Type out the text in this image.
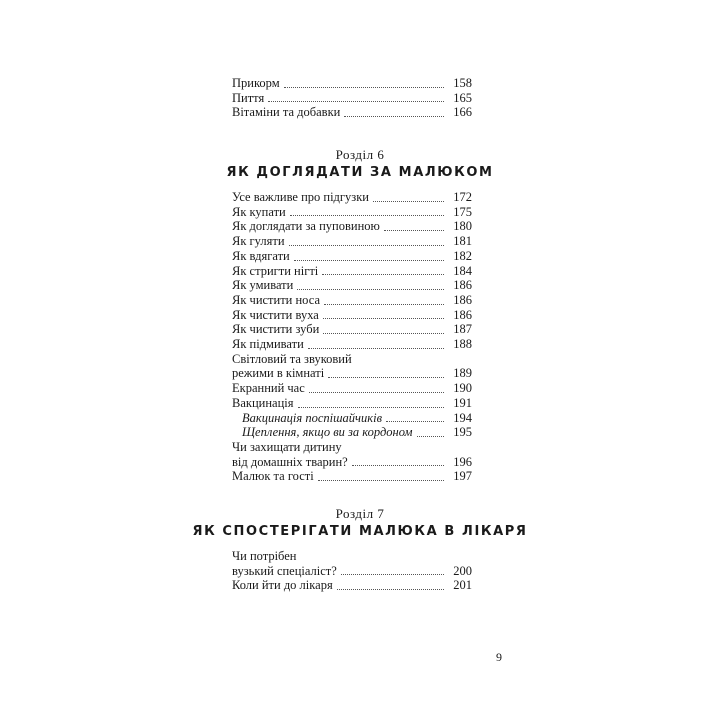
Прикорм	158
Пиття	165
Вітаміни та добавки	166
Розділ 6
ЯК ДОГЛЯДАТИ ЗА МАЛЮКОМ
Усе важливе про підгузки	172
Як купати	175
Як доглядати за пуповиною	180
Як гуляти	181
Як вдягати	182
Як стригти нігті	184
Як умивати	186
Як чистити носа	186
Як чистити вуха	186
Як чистити зуби	187
Як підмивати	188
Світловий та звуковий
режими в кімнаті	189
Екранний час	190
Вакцинація	191
Вакцинація поспішайчиків	194
Щеплення, якщо ви за кордоном	195
Чи захищати дитину
від домашніх тварин?	196
Малюк та гості	197
Розділ 7
ЯК СПОСТЕРІГАТИ МАЛЮКА В ЛІКАРЯ
Чи потрібен
вузький спеціаліст?	200
Коли йти до лікаря	201
9
